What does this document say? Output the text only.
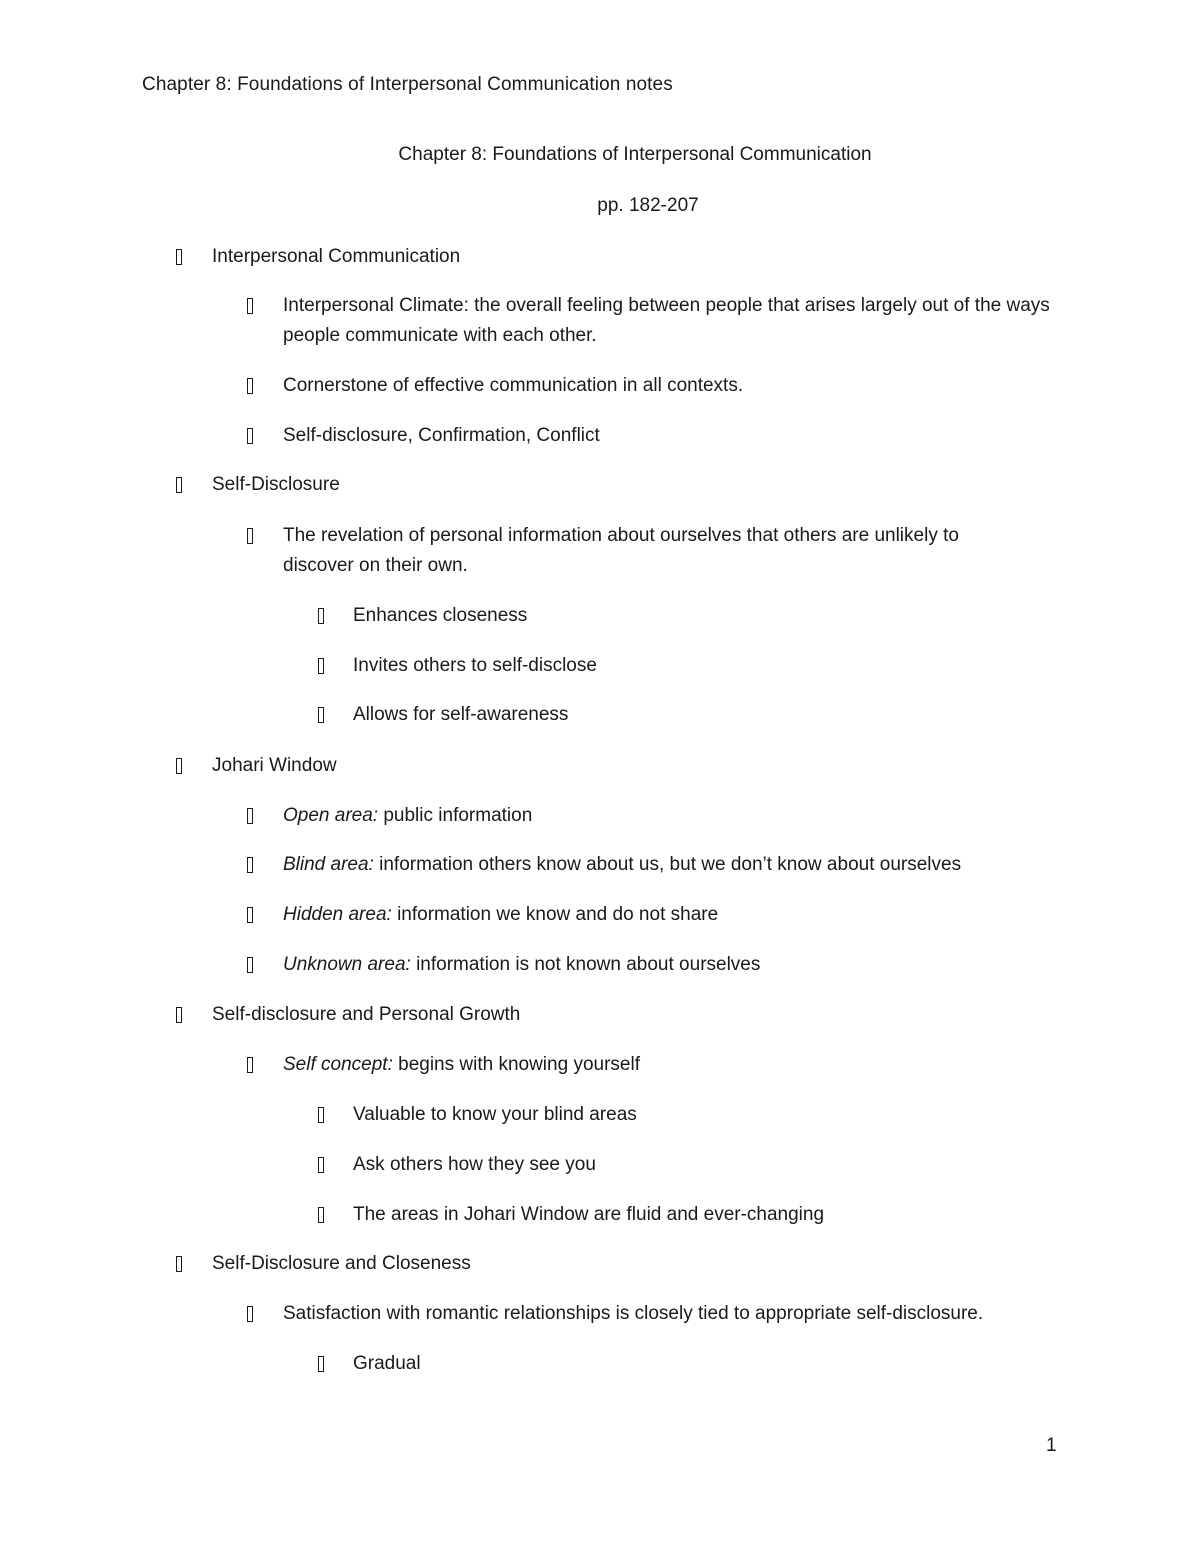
Chapter 8: Foundations of Interpersonal Communication notes
Chapter 8: Foundations of Interpersonal Communication
pp. 182-207
Interpersonal Communication
Interpersonal Climate: the overall feeling between people that arises largely out of the ways people communicate with each other.
Cornerstone of effective communication in all contexts.
Self-disclosure, Confirmation, Conflict
Self-Disclosure
The revelation of personal information about ourselves that others are unlikely to discover on their own.
Enhances closeness
Invites others to self-disclose
Allows for self-awareness
Johari Window
Open area: public information
Blind area: information others know about us, but we don’t know about ourselves
Hidden area: information we know and do not share
Unknown area: information is not known about ourselves
Self-disclosure and Personal Growth
Self concept: begins with knowing yourself
Valuable to know your blind areas
Ask others how they see you
The areas in Johari Window are fluid and ever-changing
Self-Disclosure and Closeness
Satisfaction with romantic relationships is closely tied to appropriate self-disclosure.
Gradual
1
